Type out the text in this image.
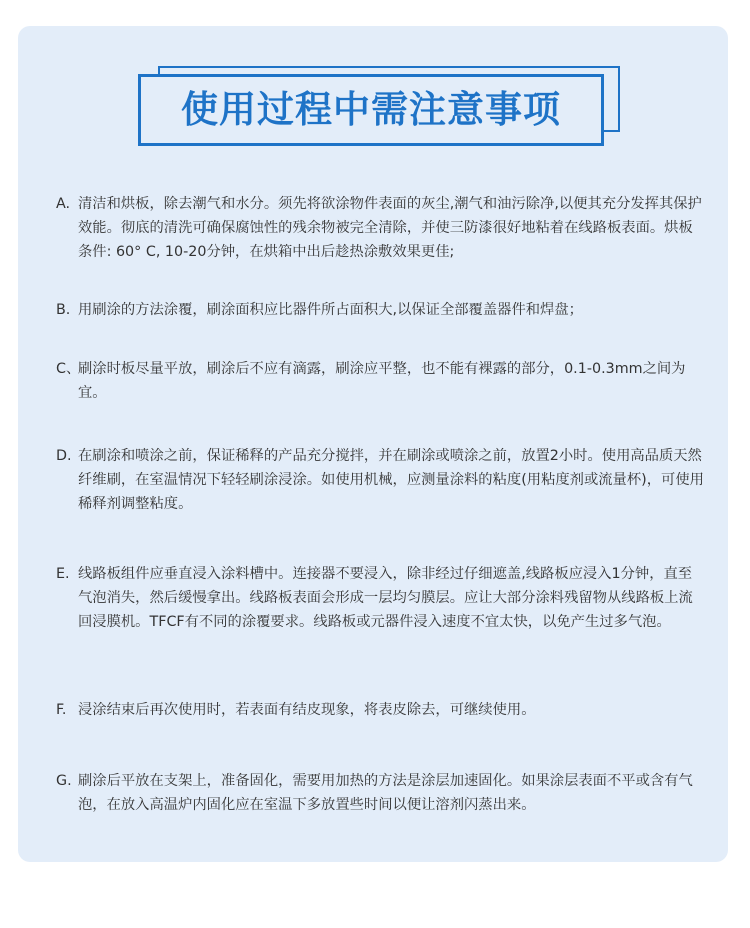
使用过程中需注意事项
A. 清洁和烘板，除去潮气和水分。须先将欲涂物件表面的灰尘,潮气和油污除净,以便其充分发挥其保护效能。彻底的清洗可确保腐蚀性的残余物被完全清除，并使三防漆很好地粘着在线路板表面。烘板条件: 60° C, 10-20分钟，在烘箱中出后趁热涂敷效果更佳;
B. 用刷涂的方法涂覆，刷涂面积应比器件所占面积大,以保证全部覆盖器件和焊盘；
C、
刷涂时板尽量平放，刷涂后不应有滴露，刷涂应平整，也不能有裸露的部分，0.1-0.3mm之间为宜。
D. 在刷涂和喷涂之前，保证稀释的产品充分搅拌，并在刷涂或喷涂之前，放置2小时。使用高品质天然纤维刷，在室温情况下轻轻刷涂浸涂。如使用机械，应测量涂料的粘度(用粘度剂或流量杯)，可使用稀释剂调整粘度。
E. 线路板组件应垂直浸入涂料槽中。连接器不要浸入，除非经过仔细遮盖,线路板应浸入1分钟，直至气泡消失，然后缓慢拿出。线路板表面会形成一层均匀膜层。应让大部分涂料残留物从线路板上流回浸膜机。TFCF有不同的涂覆要求。线路板或元器件浸入速度不宜太快，以免产生过多气泡。
F. 浸涂结束后再次使用时，若表面有结皮现象，将表皮除去，可继续使用。
G. 刷涂后平放在支架上，准备固化，需要用加热的方法是涂层加速固化。如果涂层表面不平或含有气泡，在放入高温炉内固化应在室温下多放置些时间以便让溶剂闪蒸出来。
